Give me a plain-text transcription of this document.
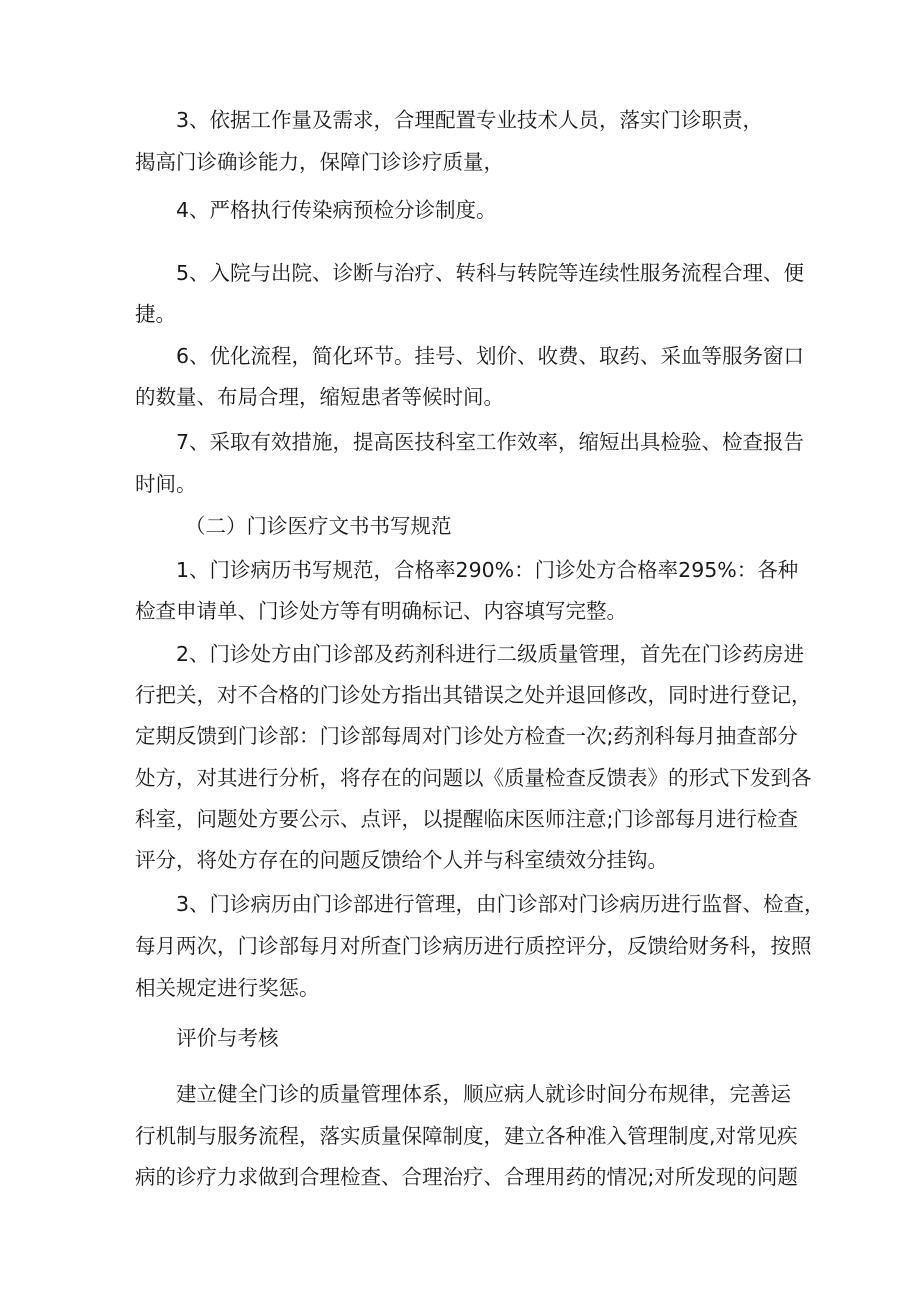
3、依据工作量及需求，合理配置专业技术人员，落实门诊职责，
揭高门诊确诊能力，保障门诊诊疗质量，
4、严格执行传染病预检分诊制度。
5、入院与出院、诊断与治疗、转科与转院等连续性服务流程合理、便
捷。
6、优化流程，简化环节。挂号、划价、收费、取药、采血等服务窗口
的数量、布局合理，缩短患者等候时间。
7、采取有效措施，提高医技科室工作效率，缩短出具检验、检查报告
时间。
（二）门诊医疗文书书写规范
1、门诊病历书写规范，合格率290%：门诊处方合格率295%：各种
检查申请单、门诊处方等有明确标记、内容填写完整。
2、门诊处方由门诊部及药剂科进行二级质量管理，首先在门诊药房进
行把关，对不合格的门诊处方指出其错误之处并退回修改，同时进行登记，
定期反馈到门诊部：门诊部每周对门诊处方检查一次;药剂科每月抽查部分
处方，对其进行分析，将存在的问题以《质量检查反馈表》的形式下发到各
科室，问题处方要公示、点评，以提醒临床医师注意;门诊部每月进行检查
评分，将处方存在的问题反馈给个人并与科室绩效分挂钩。
3、门诊病历由门诊部进行管理，由门诊部对门诊病历进行监督、检查，
每月两次，门诊部每月对所查门诊病历进行质控评分，反馈给财务科，按照
相关规定进行奖惩。
评价与考核
建立健全门诊的质量管理体系，顺应病人就诊时间分布规律，完善运
行机制与服务流程，落实质量保障制度，建立各种准入管理制度,对常见疾
病的诊疗力求做到合理检查、合理治疗、合理用药的情况;对所发现的问题
